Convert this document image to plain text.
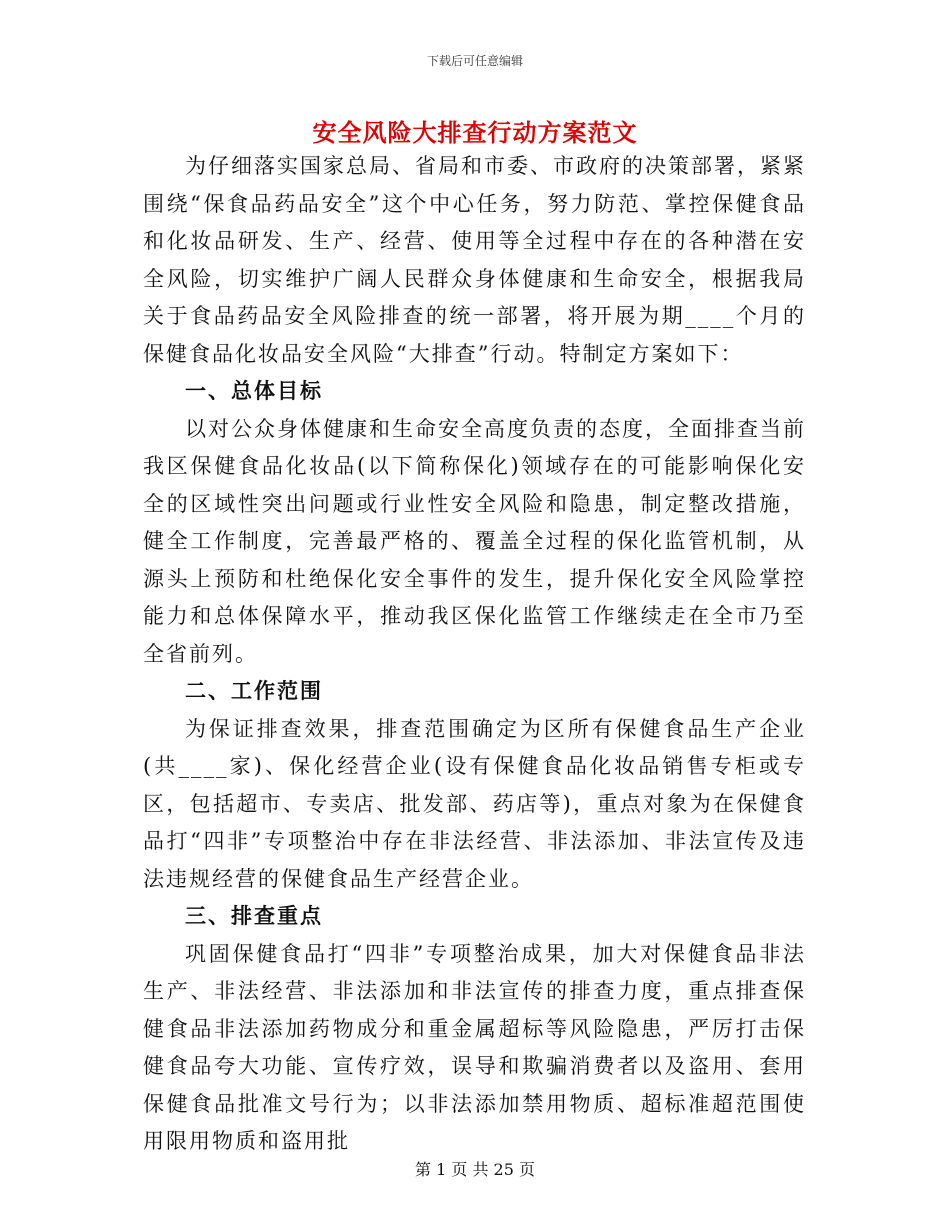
下载后可任意编辑
安全风险大排查行动方案范文

为仔细落实国家总局、省局和市委、市政府的决策部署，紧紧围绕“保食品药品安全”这个中心任务，努力防范、掌控保健食品和化妆品研发、生产、经营、使用等全过程中存在的各种潜在安全风险，切实维护广阔人民群众身体健康和生命安全，根据我局关于食品药品安全风险排查的统一部署，将开展为期____个月的保健食品化妆品安全风险“大排查”行动。特制定方案如下：

一、总体目标

以对公众身体健康和生命安全高度负责的态度，全面排查当前我区保健食品化妆品(以下简称保化)领域存在的可能影响保化安全的区域性突出问题或行业性安全风险和隐患，制定整改措施，健全工作制度，完善最严格的、覆盖全过程的保化监管机制，从源头上预防和杜绝保化安全事件的发生，提升保化安全风险掌控能力和总体保障水平，推动我区保化监管工作继续走在全市乃至全省前列。

二、工作范围

为保证排查效果，排查范围确定为区所有保健食品生产企业(共____家)、保化经营企业(设有保健食品化妆品销售专柜或专区，包括超市、专卖店、批发部、药店等)，重点对象为在保健食品打“四非”专项整治中存在非法经营、非法添加、非法宣传及违法违规经营的保健食品生产经营企业。

三、排查重点

巩固保健食品打“四非”专项整治成果，加大对保健食品非法生产、非法经营、非法添加和非法宣传的排查力度，重点排查保健食品非法添加药物成分和重金属超标等风险隐患，严厉打击保健食品夸大功能、宣传疗效，误导和欺骗消费者以及盗用、套用保健食品批准文号行为；以非法添加禁用物质、超标准超范围使用限用物质和盗用批

第 1 页 共 25 页
